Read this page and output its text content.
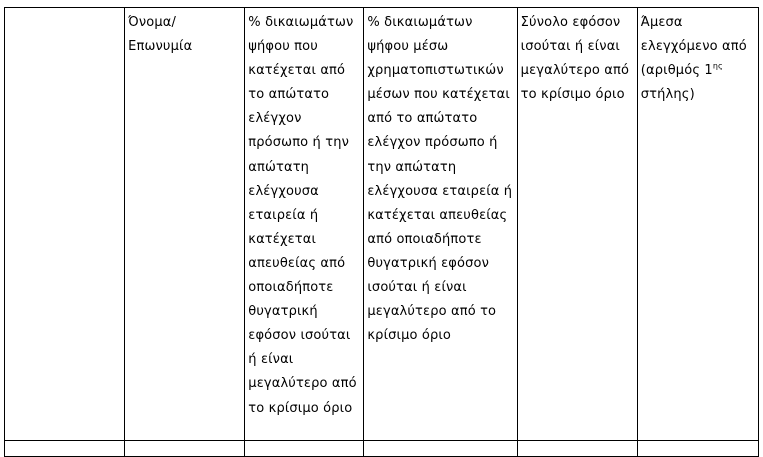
	Όνομα/ Επωνυμία	% δικαιωμάτων ψήφου που κατέχεται από το απώτατο ελέγχον πρόσωπο ή την απώτατη ελέγχουσα εταιρεία ή κατέχεται απευθείας από οποιαδήποτε θυγατρική εφόσον ισούται ή είναι μεγαλύτερο από το κρίσιμο όριο	% δικαιωμάτων ψήφου μέσω χρηματοπιστωτικών μέσων που κατέχεται από το απώτατο ελέγχον πρόσωπο ή την απώτατη ελέγχουσα εταιρεία ή κατέχεται απευθείας από οποιαδήποτε θυγατρική εφόσον ισούται ή είναι μεγαλύτερο από το κρίσιμο όριο	Σύνολο εφόσον ισούται ή είναι μεγαλύτερο από το κρίσιμο όριο	Άμεσα ελεγχόμενο από (αριθμός $1^{\eta\varsigma}$ στήλης)
